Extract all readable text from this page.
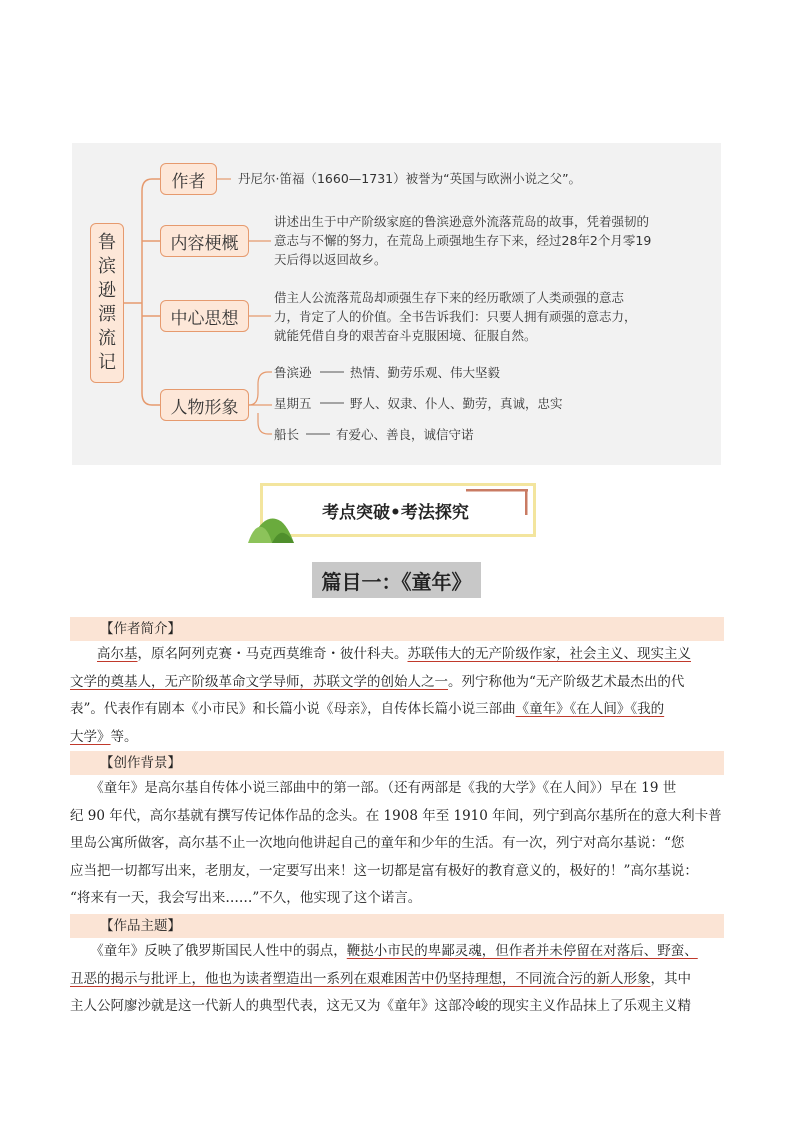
鲁
滨
逊
漂
流
记
作者	丹尼尔·笛福（1660—1731）被誉为“英国与欧洲小说之父”。
内容梗概
讲述出生于中产阶级家庭的鲁滨逊意外流落荒岛的故事，凭着强韧的
意志与不懈的努力，在荒岛上顽强地生存下来，经过28年2个月零19
天后得以返回故乡。
中心思想
借主人公流落荒岛却顽强生存下来的经历歌颂了人类顽强的意志
力，肯定了人的价值。全书告诉我们：只要人拥有顽强的意志力，
就能凭借自身的艰苦奋斗克服困境、征服自然。
人物形象
鲁滨逊	热情、勤劳乐观、伟大坚毅
星期五	野人、奴隶、仆人、勤劳，真诚，忠实
船长	有爱心、善良，诚信守诺
考点突破•考法探究
篇目一：《童年》
【作者简介】
　　高尔基，原名阿列克赛・马克西莫维奇・彼什科夫。苏联伟大的无产阶级作家，社会主义、现实主义
文学的奠基人，无产阶级革命文学导师，苏联文学的创始人之一。列宁称他为“无产阶级艺术最杰出的代
表”。代表作有剧本《小市民》和长篇小说《母亲》，自传体长篇小说三部曲《童年》《在人间》《我的
大学》等。
【创作背景】
　　《童年》是高尔基自传体小说三部曲中的第一部。（还有两部是《我的大学》《在人间》）早在 19 世
纪 90 年代，高尔基就有撰写传记体作品的念头。在 1908 年至 1910 年间，列宁到高尔基所在的意大利卡普
里岛公寓所做客，高尔基不止一次地向他讲起自己的童年和少年的生活。有一次，列宁对高尔基说：“您
应当把一切都写出来，老朋友，一定要写出来！这一切都是富有极好的教育意义的，极好的！”高尔基说：
“将来有一天，我会写出来……”不久，他实现了这个诺言。
【作品主题】
　　《童年》反映了俄罗斯国民人性中的弱点，鞭挞小市民的卑鄙灵魂，但作者并未停留在对落后、野蛮、
丑恶的揭示与批评上，他也为读者塑造出一系列在艰难困苦中仍坚持理想，不同流合污的新人形象，其中
主人公阿廖沙就是这一代新人的典型代表，这无又为《童年》这部冷峻的现实主义作品抹上了乐观主义精
